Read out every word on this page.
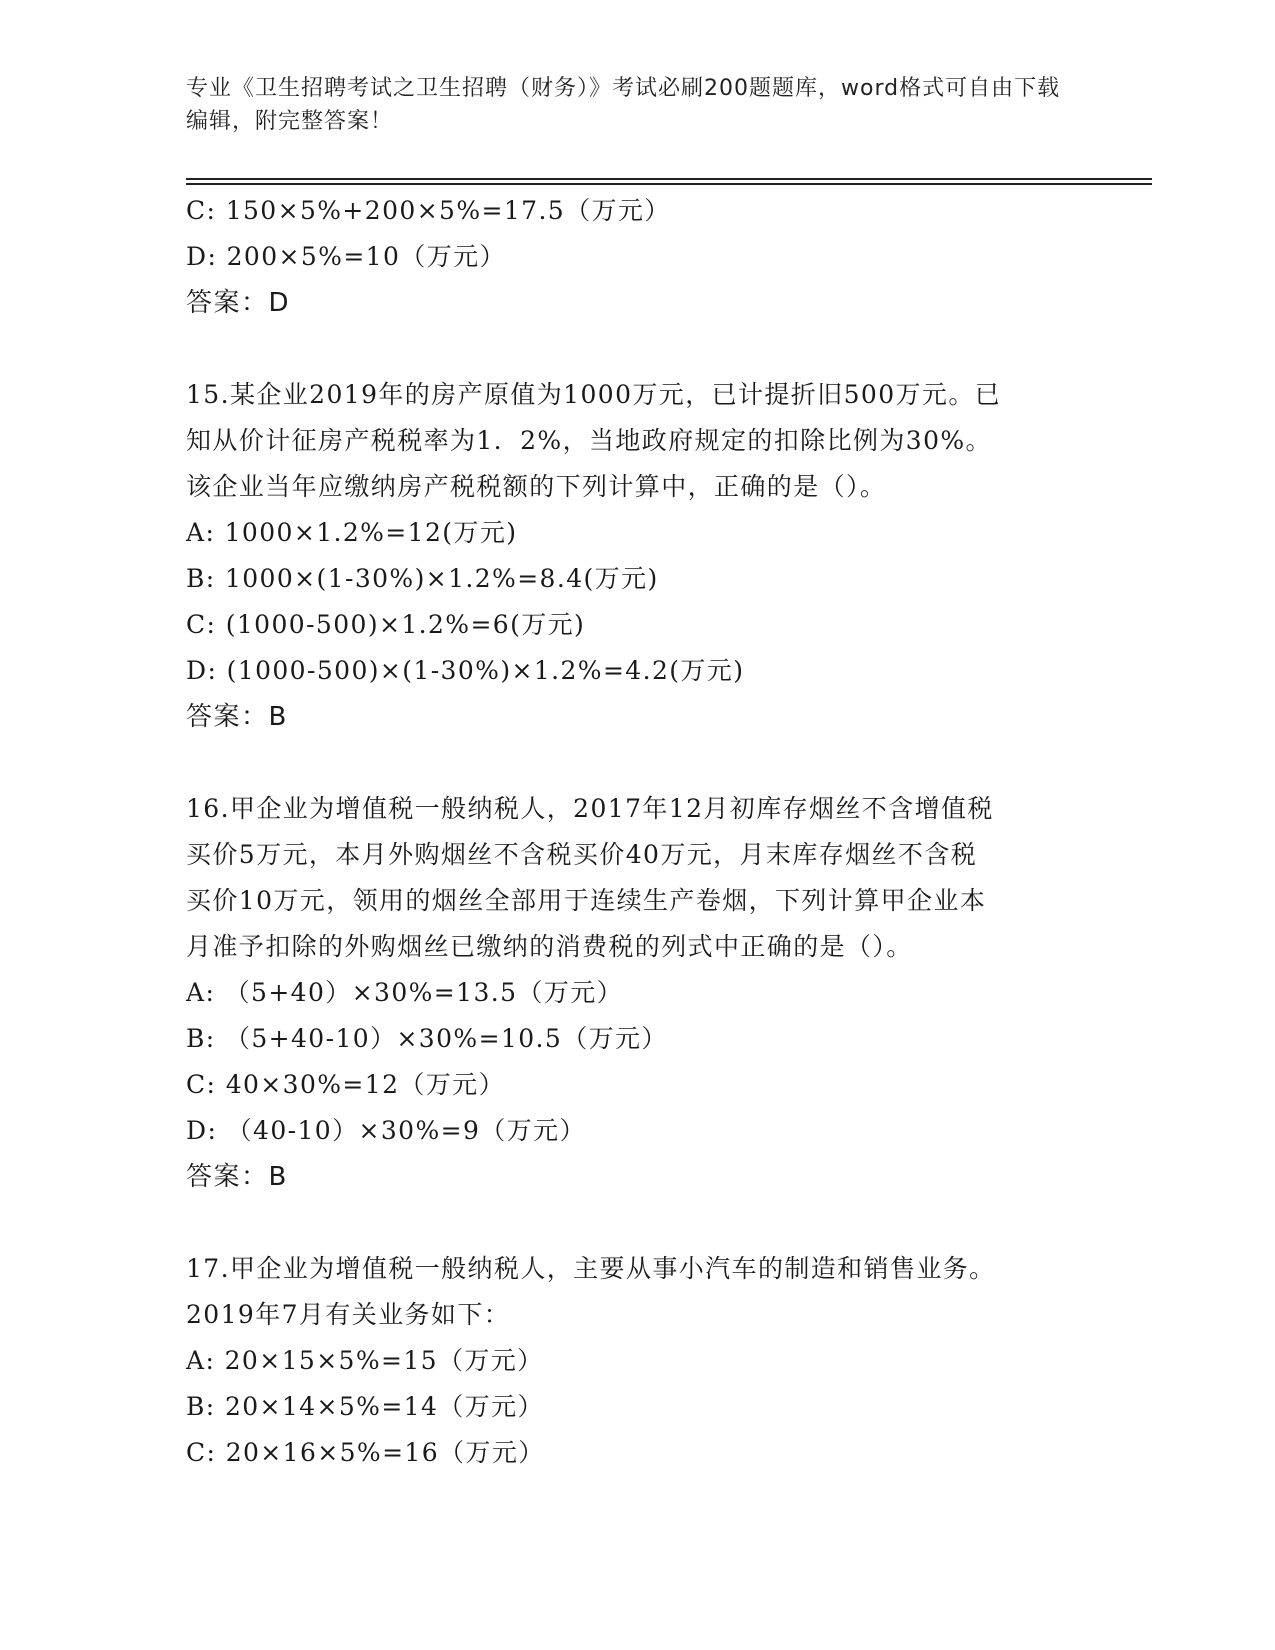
专业《卫生招聘考试之卫生招聘（财务）》考试必刷200题题库，word格式可自由下载编辑，附完整答案！
C: 150×5%+200×5%=17.5（万元）
D: 200×5%=10（万元）
答案：D
15.某企业2019年的房产原值为1000万元，已计提折旧500万元。已
知从价计征房产税税率为1．2%，当地政府规定的扣除比例为30%。
该企业当年应缴纳房产税税额的下列计算中，正确的是（）。
A: 1000×1.2%=12(万元)
B: 1000×(1-30%)×1.2%=8.4(万元)
C: (1000-500)×1.2%=6(万元)
D: (1000-500)×(1-30%)×1.2%=4.2(万元)
答案：B
16.甲企业为增值税一般纳税人，2017年12月初库存烟丝不含增值税
买价5万元，本月外购烟丝不含税买价40万元，月末库存烟丝不含税
买价10万元，领用的烟丝全部用于连续生产卷烟，下列计算甲企业本
月准予扣除的外购烟丝已缴纳的消费税的列式中正确的是（）。
A: （5+40）×30%=13.5（万元）
B: （5+40-10）×30%=10.5（万元）
C: 40×30%=12（万元）
D: （40-10）×30%=9（万元）
答案：B
17.甲企业为增值税一般纳税人，主要从事小汽车的制造和销售业务。
2019年7月有关业务如下：
A: 20×15×5%=15（万元）
B: 20×14×5%=14（万元）
C: 20×16×5%=16（万元）
